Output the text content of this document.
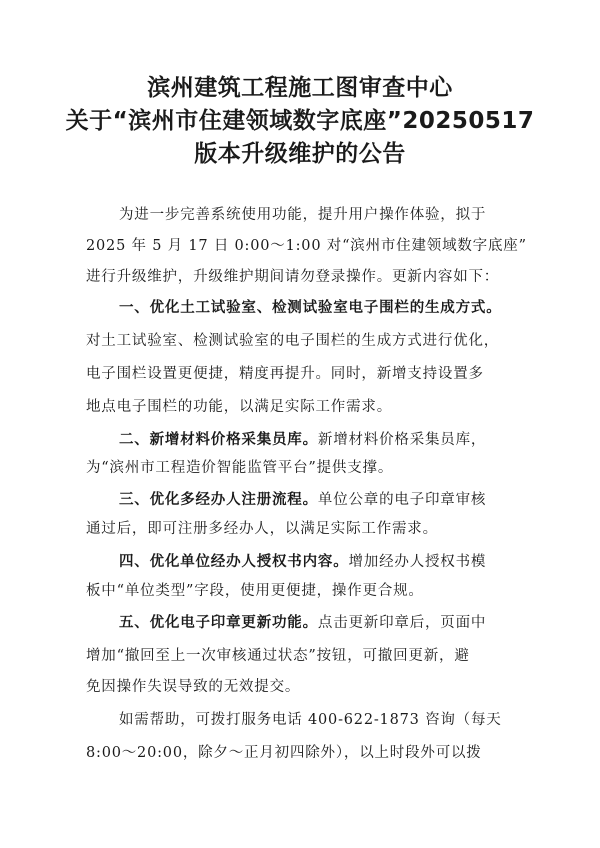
滨州建筑工程施工图审查中心
关于“滨州市住建领域数字底座”20250517
版本升级维护的公告
为进一步完善系统使用功能，提升用户操作体验，拟于
2025 年 5 月 17 日 0:00～1:00 对“滨州市住建领域数字底座”
进行升级维护，升级维护期间请勿登录操作。更新内容如下：
一、优化土工试验室、检测试验室电子围栏的生成方式。
对土工试验室、检测试验室的电子围栏的生成方式进行优化，
电子围栏设置更便捷，精度再提升。同时，新增支持设置多
地点电子围栏的功能，以满足实际工作需求。
二、新增材料价格采集员库。新增材料价格采集员库，
为“滨州市工程造价智能监管平台”提供支撑。
三、优化多经办人注册流程。单位公章的电子印章审核
通过后，即可注册多经办人，以满足实际工作需求。
四、优化单位经办人授权书内容。增加经办人授权书模
板中“单位类型”字段，使用更便捷，操作更合规。
五、优化电子印章更新功能。点击更新印章后，页面中
增加“撤回至上一次审核通过状态”按钮，可撤回更新，避
免因操作失误导致的无效提交。
如需帮助，可拨打服务电话 400-622-1873 咨询（每天
8:00～20:00，除夕～正月初四除外），以上时段外可以拨
